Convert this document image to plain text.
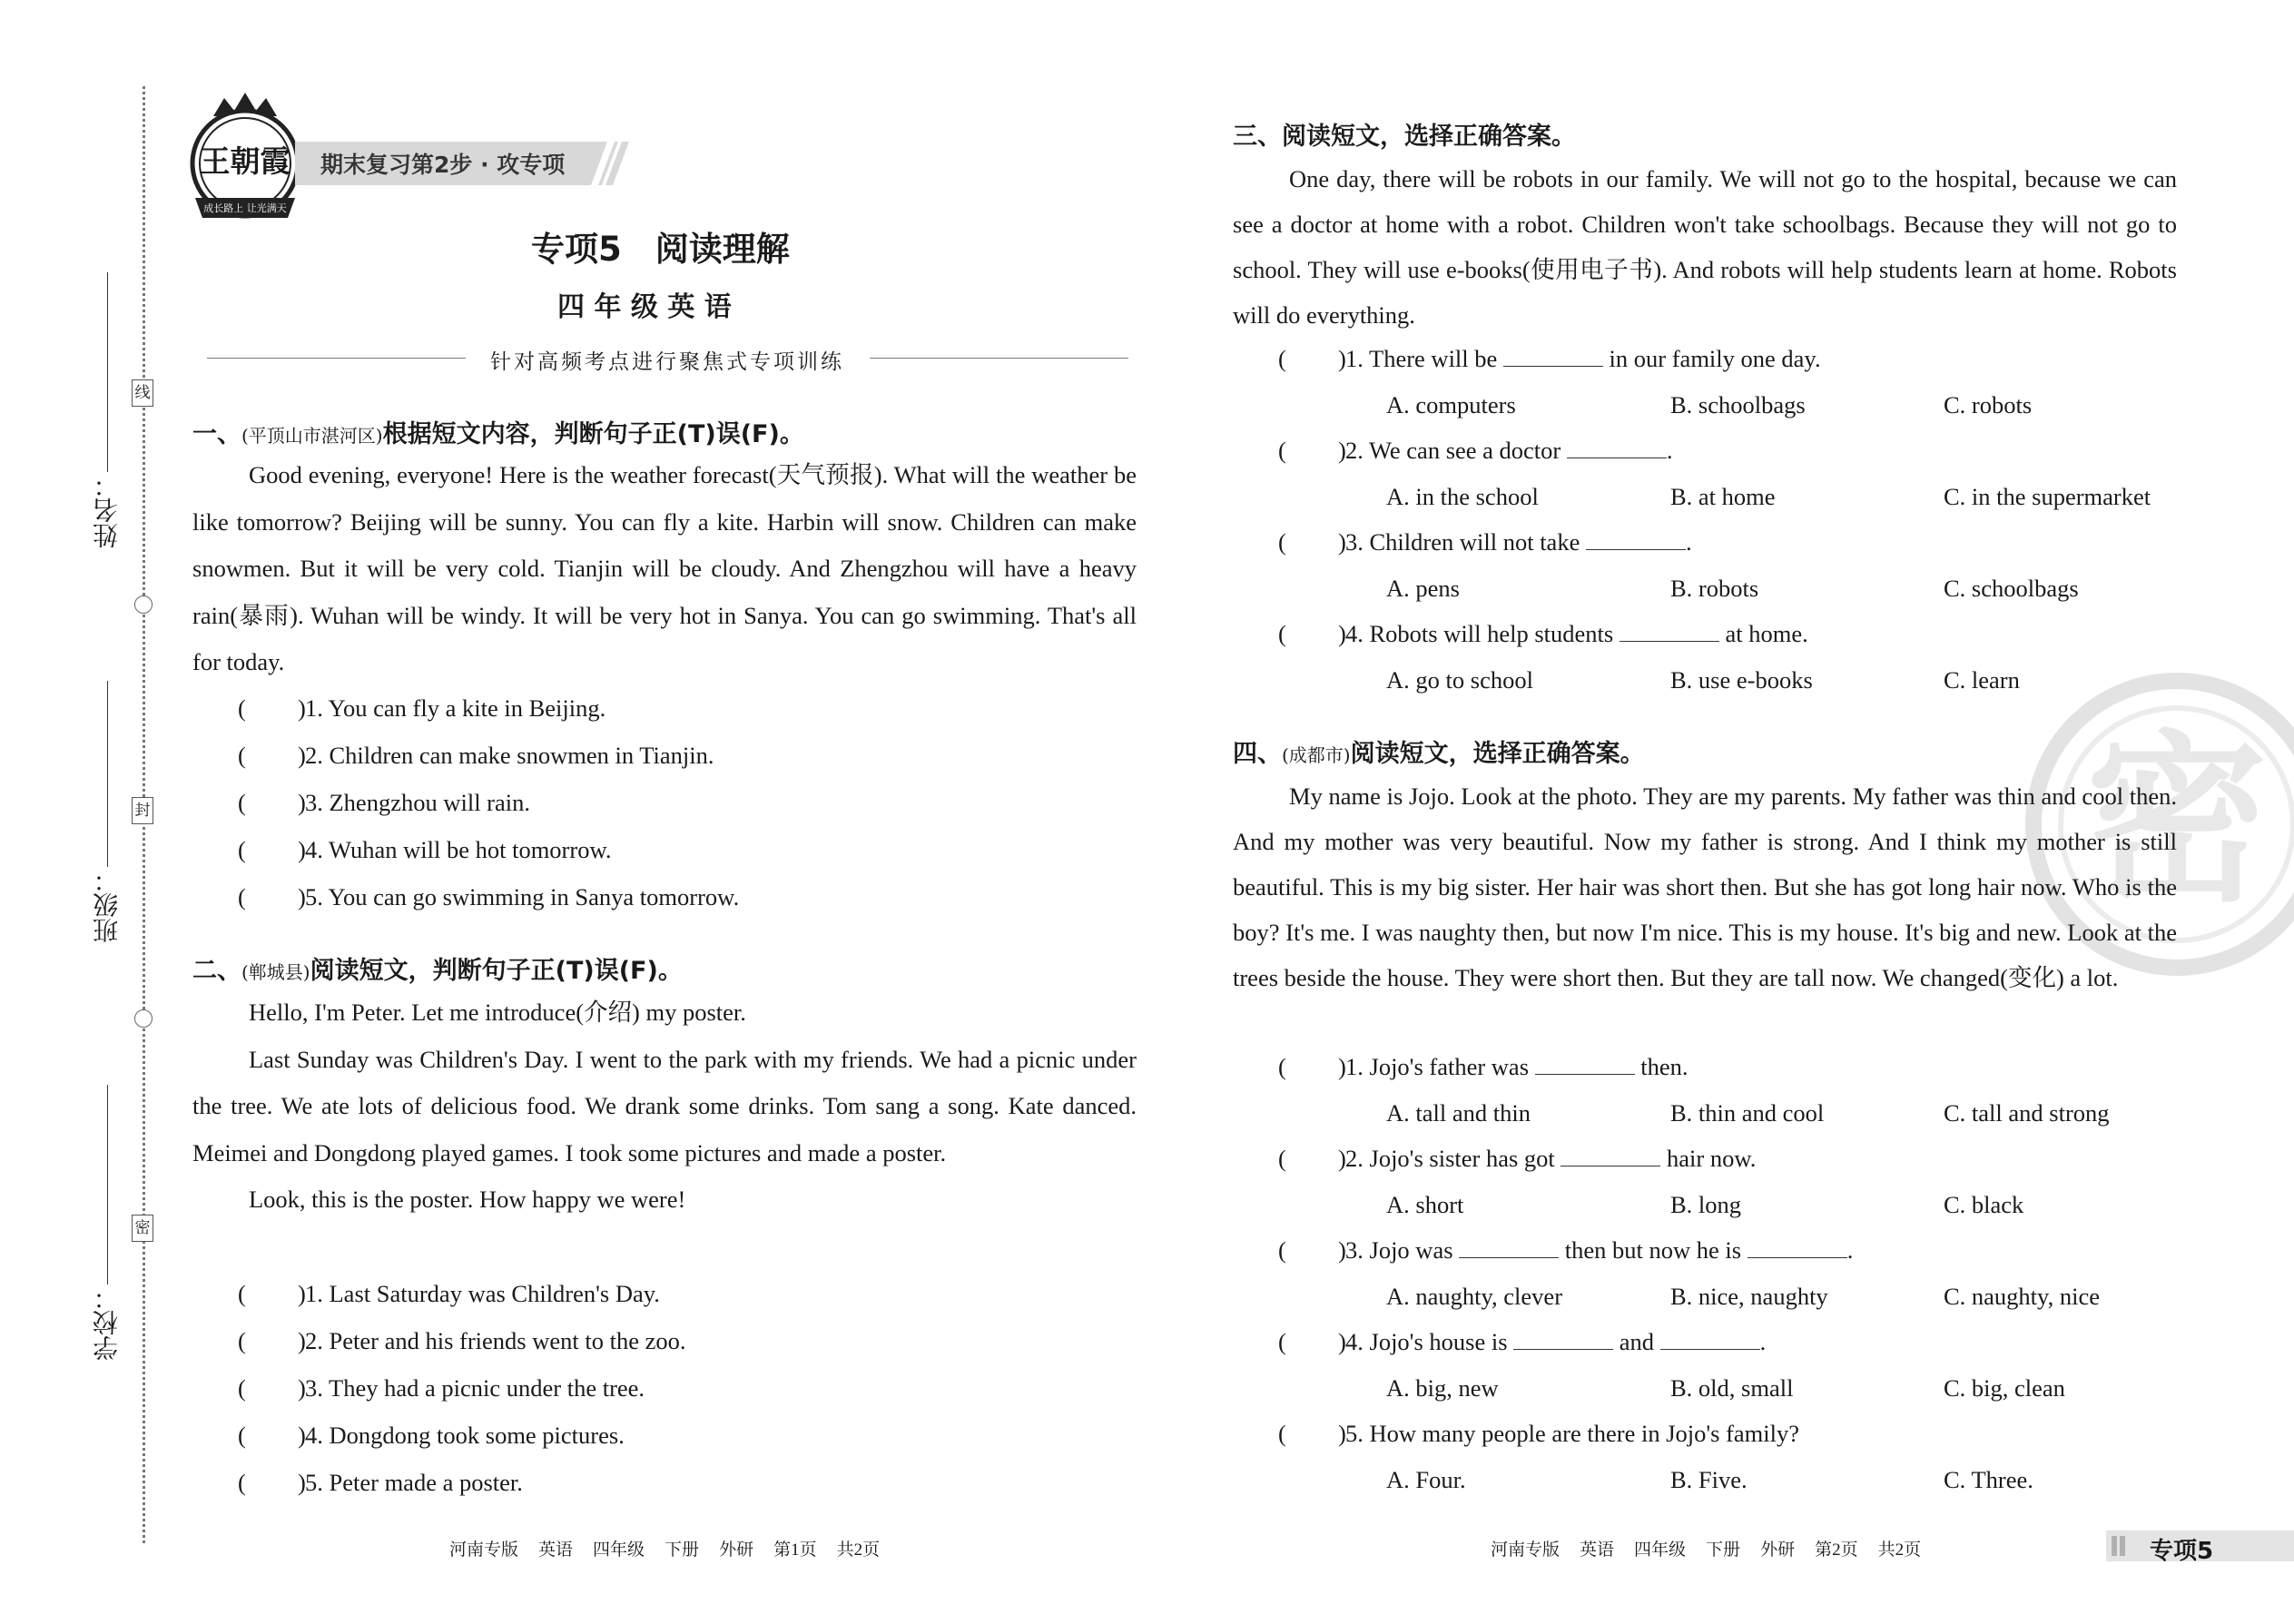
姓名：
班级：
学校：
线
封
密
王朝霞
成长路上 让光满天
期末复习第2步 · 攻专项
专项5　阅读理解
四 年 级 英 语
针对高频考点进行聚焦式专项训练
一、(平顶山市湛河区)根据短文内容，判断句子正(T)误(F)。

Good evening, everyone! Here is the weather forecast(天气预报). What will the weather be like tomorrow? Beijing will be sunny. You can fly a kite. Harbin will snow. Children can make snowmen. But it will be very cold. Tianjin will be cloudy. And Zhengzhou will have a heavy rain(暴雨). Wuhan will be windy. It will be very hot in Sanya. You can go swimming. That's all for today.

( ) 1. You can fly a kite in Beijing.
( ) 2. Children can make snowmen in Tianjin.
( ) 3. Zhengzhou will rain.
( ) 4. Wuhan will be hot tomorrow.
( ) 5. You can go swimming in Sanya tomorrow.
二、(郸城县)阅读短文，判断句子正(T)误(F)。

Hello, I'm Peter. Let me introduce(介绍) my poster.

Last Sunday was Children's Day. I went to the park with my friends. We had a picnic under the tree. We ate lots of delicious food. We drank some drinks. Tom sang a song. Kate danced. Meimei and Dongdong played games. I took some pictures and made a poster.

Look, this is the poster. How happy we were!

( ) 1. Last Saturday was Children's Day.
( ) 2. Peter and his friends went to the zoo.
( ) 3. They had a picnic under the tree.
( ) 4. Dongdong took some pictures.
( ) 5. Peter made a poster.
河南专版 英语 四年级 下册 外研 第1页 共2页
密
三、阅读短文，选择正确答案。

One day, there will be robots in our family. We will not go to the hospital, because we can see a doctor at home with a robot. Children won't take schoolbags. Because they will not go to school. They will use e-books(使用电子书). And robots will help students learn at home. Robots will do everything.

( ) 1. There will be	in our family one day.
A. computers	B. schoolbags	C. robots
( ) 2. We can see a doctor	.
A. in the school	B. at home	C. in the supermarket
( ) 3. Children will not take	.
A. pens	B. robots	C. schoolbags
( ) 4. Robots will help students	at home.
A. go to school	B. use e-books	C. learn
四、(成都市)阅读短文，选择正确答案。

My name is Jojo. Look at the photo. They are my parents. My father was thin and cool then. And my mother was very beautiful. Now my father is strong. And I think my mother is still beautiful. This is my big sister. Her hair was short then. But she has got long hair now. Who is the boy? It's me. I was naughty then, but now I'm nice. This is my house. It's big and new. Look at the trees beside the house. They were short then. But they are tall now. We changed(变化) a lot.

( ) 1. Jojo's father was	then.
A. tall and thin	B. thin and cool	C. tall and strong
( ) 2. Jojo's sister has got	hair now.
A. short	B. long	C. black
( ) 3. Jojo was	then but now he is	.
A. naughty, clever	B. nice, naughty	C. naughty, nice
( ) 4. Jojo's house is	and	.
A. big, new	B. old, small	C. big, clean
( ) 5. How many people are there in Jojo's family?
A. Four.	B. Five.	C. Three.
河南专版 英语 四年级 下册 外研 第2页 共2页	专项5
